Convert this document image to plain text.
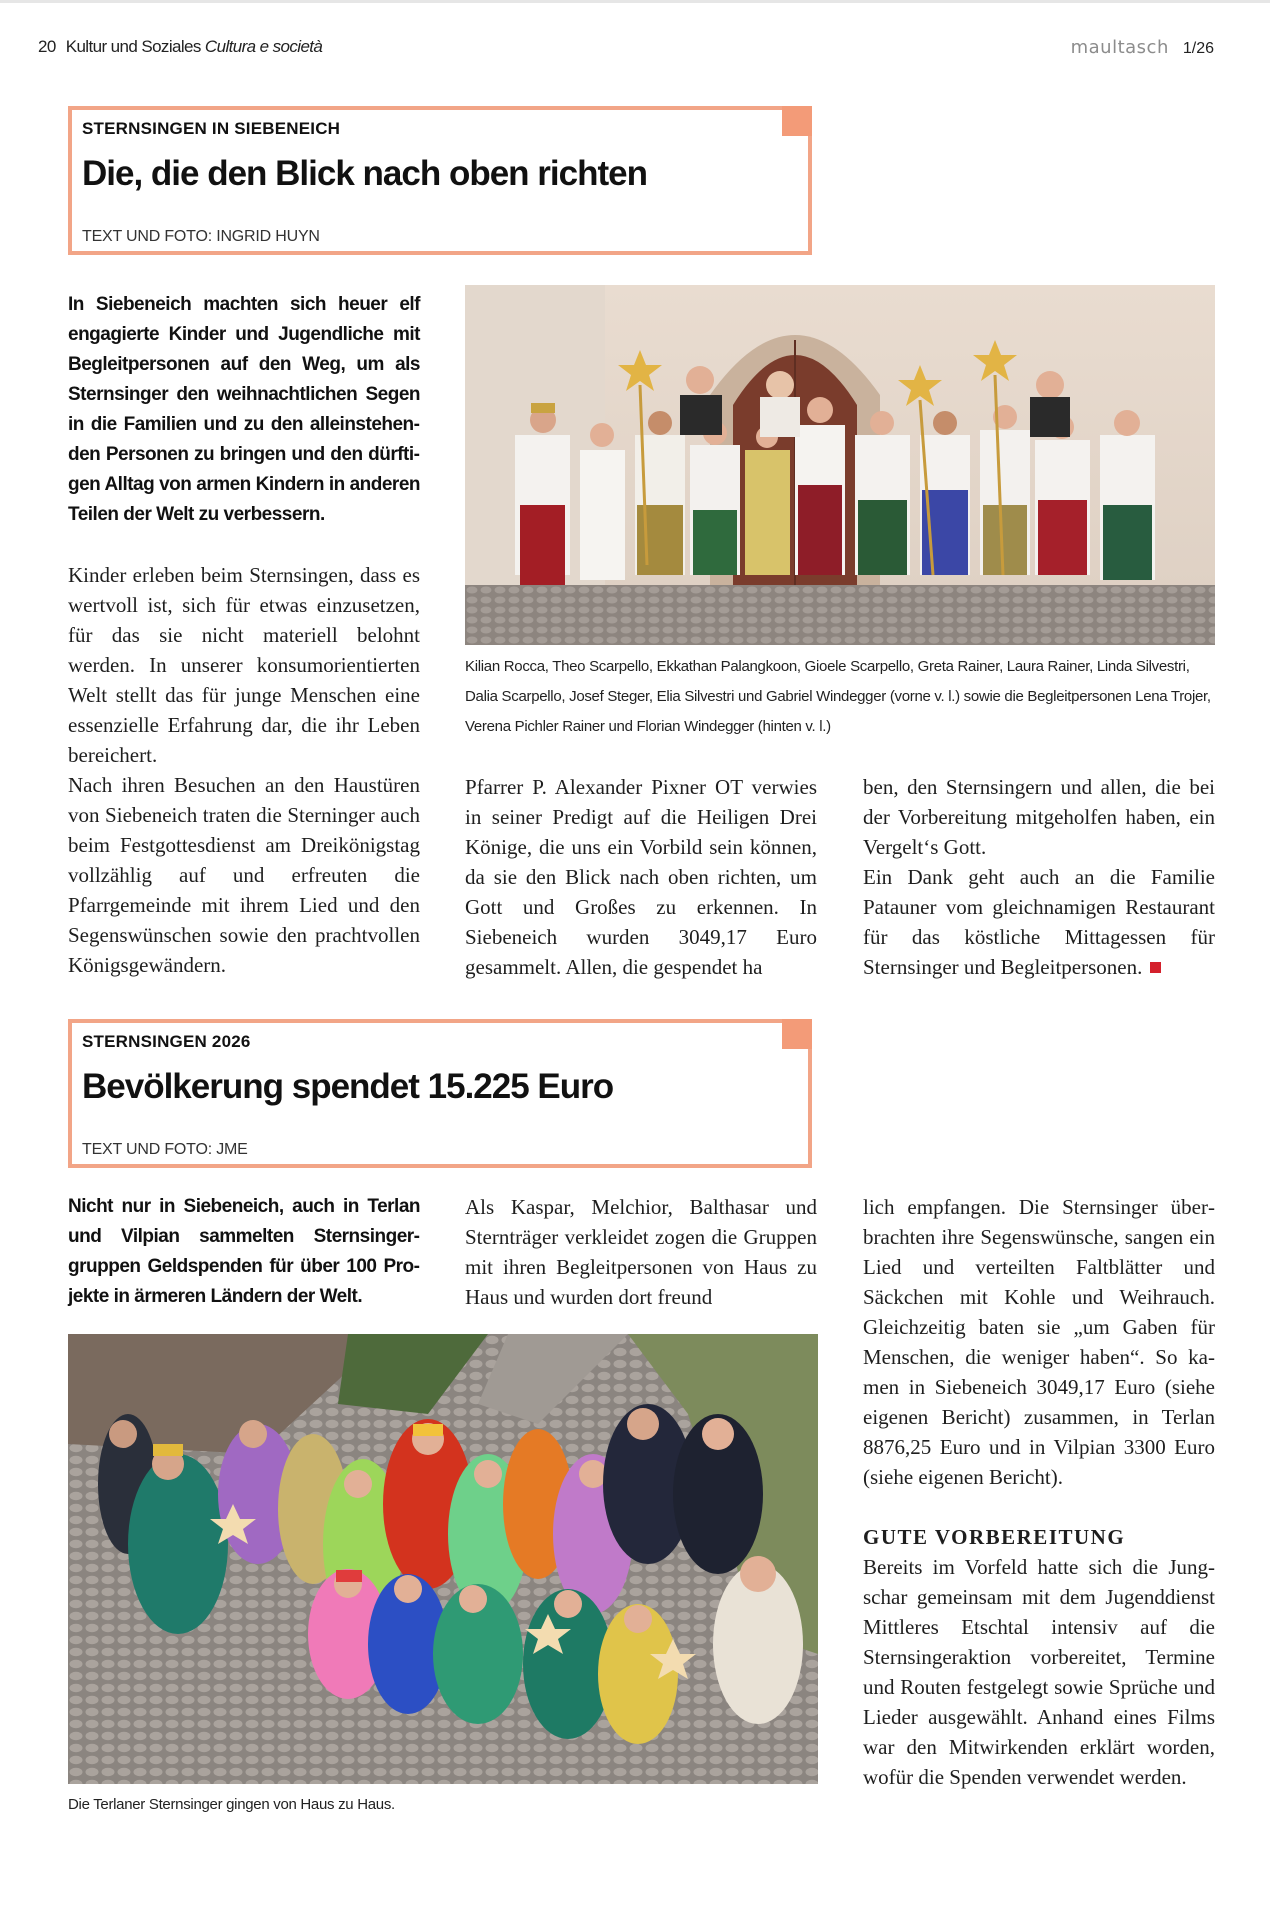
20 Kultur und Soziales Cultura e società	maultasch 1/26
STERNSINGEN IN SIEBENEICH
Die, die den Blick nach oben richten
TEXT UND FOTO: INGRID HUYN
In Siebeneich machten sich heuer elf engagierte Kinder und Jugendliche mit Begleitpersonen auf den Weg, um als Sternsinger den weihnachtlichen Segen in die Familien und zu den alleinstehenden Personen zu bringen und den dürftigen Alltag von armen Kindern in anderen Teilen der Welt zu verbessern.

Kinder erleben beim Sternsingen, dass es wertvoll ist, sich für etwas einzusetzen, für das sie nicht materiell belohnt werden. In unserer konsumorientierten Welt stellt das für junge Menschen eine essenzielle Erfahrung dar, die ihr Leben bereichert.

Nach ihren Besuchen an den Haustüren von Siebeneich traten die Sterninger auch beim Festgottesdienst am Dreikönigstag vollzählig auf und erfreuten die Pfarrgemeinde mit ihrem Lied und den Segenswünschen sowie den prachtvollen Königsgewändern.

Kilian Rocca, Theo Scarpello, Ekkathan Palangkoon, Gioele Scarpello, Greta Rainer, Laura Rainer, Linda Silvestri, Dalia Scarpello, Josef Steger, Elia Silvestri und Gabriel Windegger (vorne v. l.) sowie die Begleitpersonen Lena Trojer, Verena Pichler Rainer und Florian Windegger (hinten v. l.)
Pfarrer P. Alexander Pixner OT verwies in seiner Predigt auf die Heiligen Drei Könige, die uns ein Vorbild sein können, da sie den Blick nach oben richten, um Gott und Großes zu erkennen. In Siebeneich wurden 3049,17 Euro gesammelt. Allen, die gespendet ha

ben, den Sternsingern und allen, die bei der Vorbereitung mitgeholfen haben, ein Vergelt‘s Gott.

Ein Dank geht auch an die Familie Patauner vom gleichnamigen Restaurant für das köstliche Mittagessen für Sternsinger und Begleitpersonen.

STERNSINGEN 2026
Bevölkerung spendet 15.225 Euro
TEXT UND FOTO: JME
Nicht nur in Siebeneich, auch in Terlan und Vilpian sammelten Sternsingergruppen Geldspenden für über 100 Projekte in ärmeren Ländern der Welt.
Als Kaspar, Melchior, Balthasar und Sternträger verkleidet zogen die Gruppen mit ihren Begleitpersonen von Haus zu Haus und wurden dort freund
lich empfangen. Die Sternsinger überbrachten ihre Segenswünsche, sangen ein Lied und verteilten Faltblätter und Säckchen mit Kohle und Weihrauch. Gleichzeitig baten sie „um Gaben für Menschen, die weniger haben“. So kamen in Siebeneich 3049,17 Euro (siehe eigenen Bericht) zusammen, in Terlan 8876,25 Euro und in Vilpian 3300 Euro (siehe eigenen Bericht).
GUTE VORBEREITUNG
Bereits im Vorfeld hatte sich die Jungschar gemeinsam mit dem Jugenddienst Mittleres Etschtal intensiv auf die Sternsingeraktion vorbereitet, Termine und Routen festgelegt sowie Sprüche und Lieder ausgewählt. Anhand eines Films war den Mitwirkenden erklärt worden, wofür die Spenden verwendet werden.
Die Terlaner Sternsinger gingen von Haus zu Haus.
